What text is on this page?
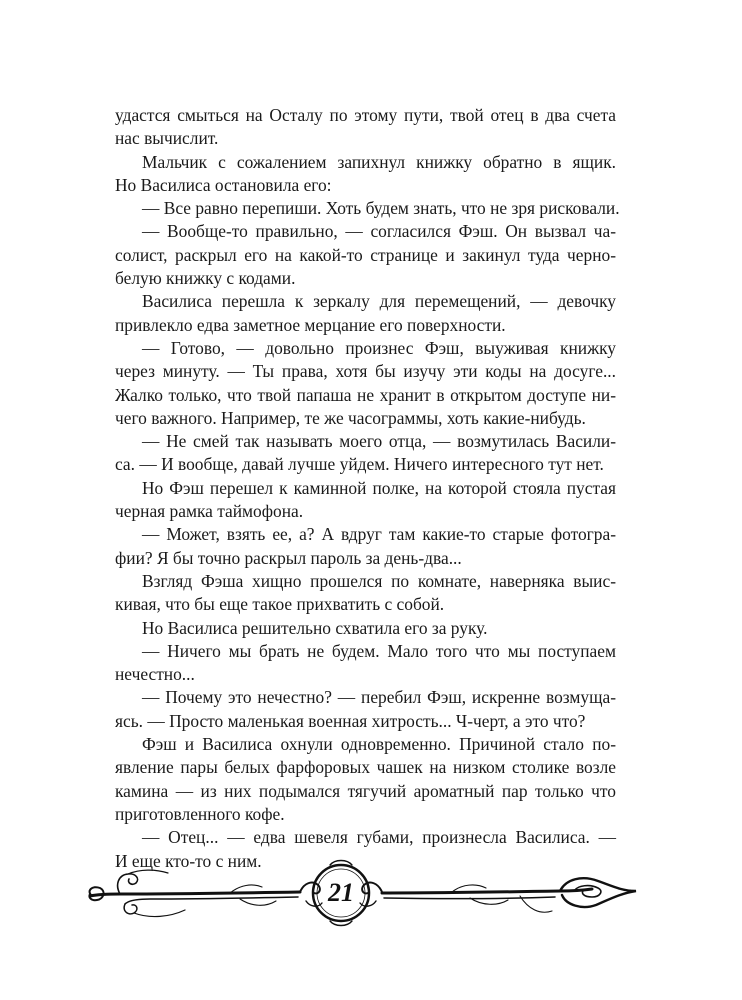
удастся смыться на Осталу по этому пути, твой отец в два счета
нас вычислит.
Мальчик с сожалением запихнул книжку обратно в ящик.
Но Василиса остановила его:
— Все равно перепиши. Хоть будем знать, что не зря рисковали.
— Вообще-то правильно, — согласился Фэш. Он вызвал ча-
солист, раскрыл его на какой-то странице и закинул туда черно-
белую книжку с кодами.
Василиса перешла к зеркалу для перемещений, — девочку
привлекло едва заметное мерцание его поверхности.
— Готово, — довольно произнес Фэш, выуживая книжку
через минуту. — Ты права, хотя бы изучу эти коды на досуге...
Жалко только, что твой папаша не хранит в открытом доступе ни-
чего важного. Например, те же часограммы, хоть какие-нибудь.
— Не смей так называть моего отца, — возмутилась Васили-
са. — И вообще, давай лучше уйдем. Ничего интересного тут нет.
Но Фэш перешел к каминной полке, на которой стояла пустая
черная рамка таймофона.
— Может, взять ее, а? А вдруг там какие-то старые фотогра-
фии? Я бы точно раскрыл пароль за день-два...
Взгляд Фэша хищно прошелся по комнате, наверняка выис-
кивая, что бы еще такое прихватить с собой.
Но Василиса решительно схватила его за руку.
— Ничего мы брать не будем. Мало того что мы поступаем
нечестно...
— Почему это нечестно? — перебил Фэш, искренне возмуща-
ясь. — Просто маленькая военная хитрость... Ч-черт, а это что?
Фэш и Василиса охнули одновременно. Причиной стало по-
явление пары белых фарфоровых чашек на низком столике возле
камина — из них подымался тягучий ароматный пар только что
приготовленного кофе.
— Отец... — едва шевеля губами, произнесла Василиса. —
И еще кто-то с ним.
21
